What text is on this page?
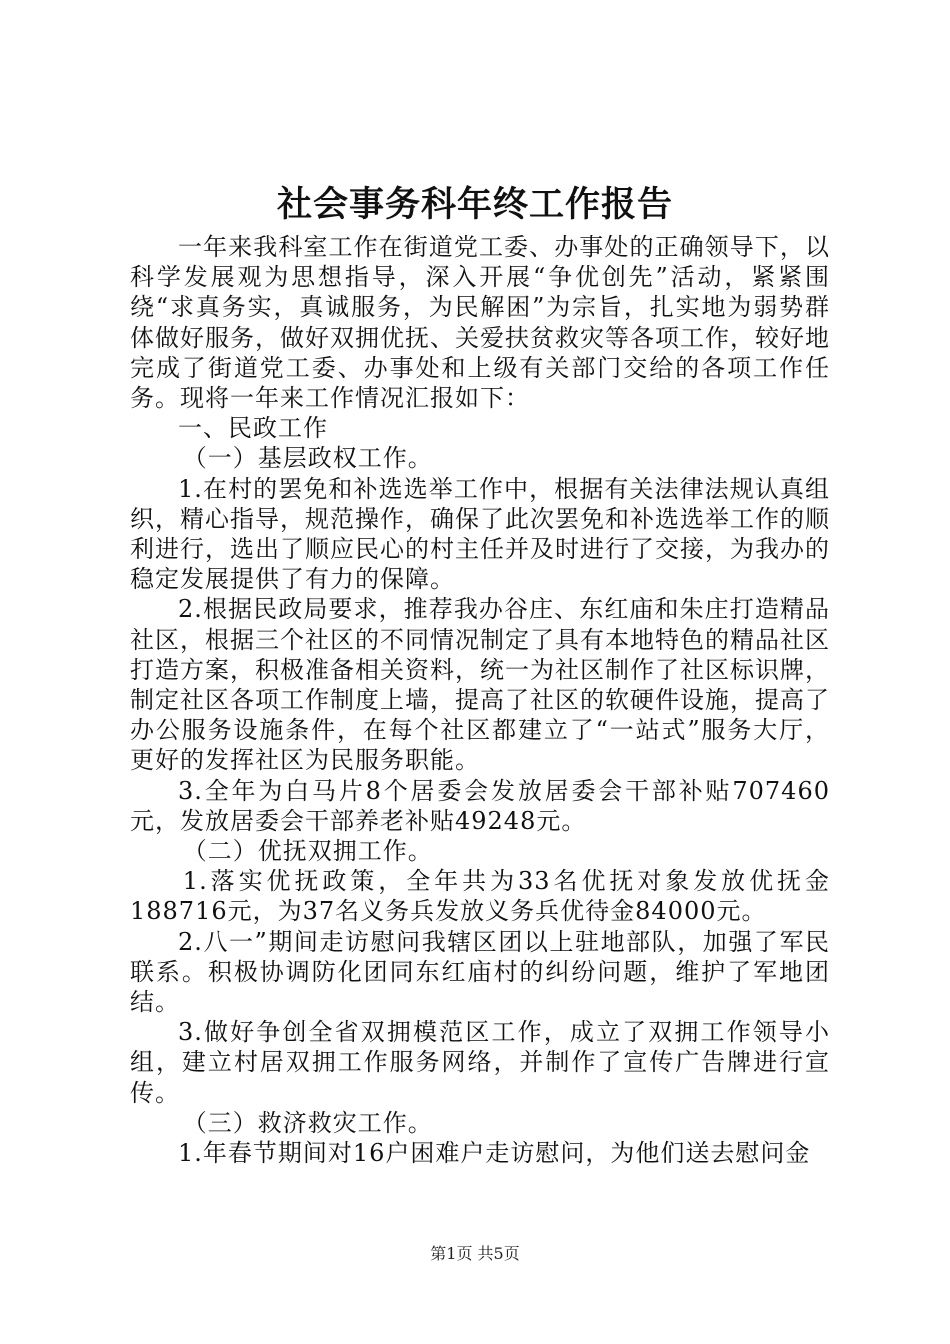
社会事务科年终工作报告

一年来我科室工作在街道党工委、办事处的正确领导下，以科学发展观为思想指导，深入开展“争优创先”活动，紧紧围绕“求真务实，真诚服务，为民解困”为宗旨，扎实地为弱势群体做好服务，做好双拥优抚、关爱扶贫救灾等各项工作，较好地完成了街道党工委、办事处和上级有关部门交给的各项工作任务。现将一年来工作情况汇报如下：

一、民政工作

（一）基层政权工作。

1.在村的罢免和补选选举工作中，根据有关法律法规认真组织，精心指导，规范操作，确保了此次罢免和补选选举工作的顺利进行，选出了顺应民心的村主任并及时进行了交接，为我办的稳定发展提供了有力的保障。

2.根据民政局要求，推荐我办谷庄、东红庙和朱庄打造精品社区，根据三个社区的不同情况制定了具有本地特色的精品社区打造方案，积极准备相关资料，统一为社区制作了社区标识牌，制定社区各项工作制度上墙，提高了社区的软硬件设施，提高了办公服务设施条件，在每个社区都建立了“一站式”服务大厅，更好的发挥社区为民服务职能。

3.全年为白马片8个居委会发放居委会干部补贴707460元，发放居委会干部养老补贴49248元。

（二）优抚双拥工作。

1.落实优抚政策，全年共为33名优抚对象发放优抚金188716元，为37名义务兵发放义务兵优待金84000元。

2.八一”期间走访慰问我辖区团以上驻地部队，加强了军民联系。积极协调防化团同东红庙村的纠纷问题，维护了军地团结。

3.做好争创全省双拥模范区工作，成立了双拥工作领导小组，建立村居双拥工作服务网络，并制作了宣传广告牌进行宣传。

（三）救济救灾工作。

1.年春节期间对16户困难户走访慰问，为他们送去慰问金

第1页 共5页
